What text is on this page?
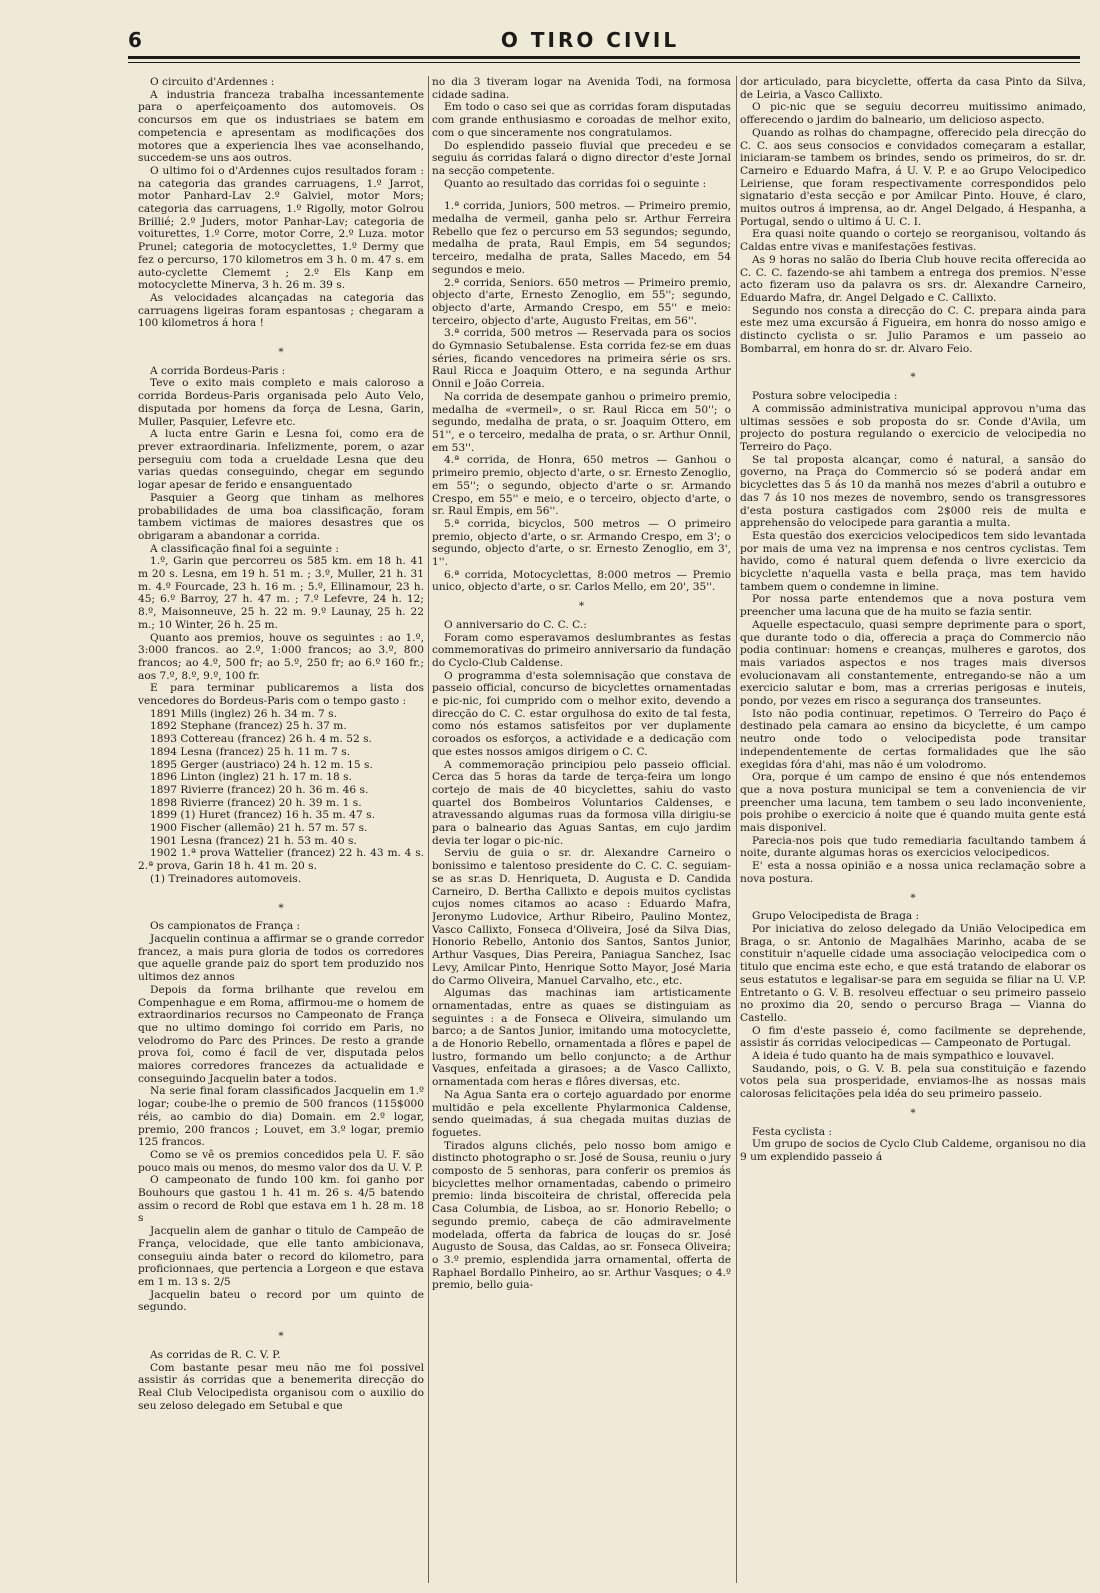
6	O TIRO CIVIL

O circuito d'Ardennes :

A industria franceza trabalha incessantemente para o aperfeiçoamento dos automoveis. Os concursos em que os industriaes se batem em competencia e apresentam as modificações dos motores que a experiencia lhes vae aconselhando, succedem-se uns aos outros.

O ultimo foi o d'Ardennes cujos resultados foram : na categoria das grandes carruagens, 1.º Jarrot, motor Panhard-Lav 2.º Galviel, motor Mors; categoria das carruagens, 1.º Rigolly, motor Golrou Brillié; 2.º Juders, motor Panhar-Lav; categoria de voiturettes, 1.º Corre, motor Corre, 2.º Luza. motor Prunel; categoria de motocyclettes, 1.º Dermy que fez o percurso, 170 kilometros em 3 h. 0 m. 47 s. em auto-cyclette Clememt ; 2.º Els Kanp em motocyclette Minerva, 3 h. 26 m. 39 s.

As velocidades alcançadas na categoria das carruagens ligeiras foram espantosas ; chegaram a 100 kilometros á hora !

*

A corrida Bordeus-Paris :

Teve o exito mais completo e mais caloroso a corrida Bordeus-Paris organisada pelo Auto Velo, disputada por homens da força de Lesna, Garin, Muller, Pasquier, Lefevre etc.

A lucta entre Garin e Lesna foi, como era de prever extraordinaria. Infelizmente, porem, o azar perseguiu com toda a crueldade Lesna que deu varias quedas conseguindo, chegar em segundo logar apesar de ferido e ensanguentado

Pasquier a Georg que tinham as melhores probabilidades de uma boa classificação, foram tambem victimas de maiores desastres que os obrigaram a abandonar a corrida.

A classificação final foi a seguinte :

1.º, Garin que percorreu os 585 km. em 18 h. 41 m 20 s. Lesna, em 19 h. 51 m. ; 3.º, Muller, 21 h. 31 m. 4.º Fourcade, 23 h. 16 m. ; 5.º, Ellinamour, 23 h. 45; 6.º Barroy, 27 h. 47 m. ; 7.º Lefevre, 24 h. 12; 8.º, Maisonneuve, 25 h. 22 m. 9.º Launay, 25 h. 22 m.; 10 Winter, 26 h. 25 m.

Quanto aos premios, houve os seguintes : ao 1.º, 3:000 francos. ao 2.º, 1:000 francos; ao 3.º, 800 francos; ao 4.º, 500 fr; ao 5.º, 250 fr; ao 6.º 160 fr.; aos 7.º, 8.º, 9.º, 100 fr.

E para terminar publicaremos a lista dos vencedores do Bordeus-Paris com o tempo gasto :

1891 Mills (inglez) 26 h. 34 m. 7 s.

1892 Stephane (francez) 25 h. 37 m.

1893 Cottereau (francez) 26 h. 4 m. 52 s.

1894 Lesna (francez) 25 h. 11 m. 7 s.

1895 Gerger (austriaco) 24 h. 12 m. 15 s.

1896 Linton (inglez) 21 h. 17 m. 18 s.

1897 Rivierre (francez) 20 h. 36 m. 46 s.

1898 Rivierre (francez) 20 h. 39 m. 1 s.

1899 (1) Huret (francez) 16 h. 35 m. 47 s.

1900 Fischer (allemão) 21 h. 57 m. 57 s.

1901 Lesna (francez) 21 h. 53 m. 40 s.

1902 1.ª prova Wattelier (francez) 22 h. 43 m. 4 s. 2.ª prova, Garin 18 h. 41 m. 20 s.

(1) Treinadores automoveis.

*

Os campionatos de França :

Jacquelin continua a affirmar se o grande corredor francez, a mais pura gloria de todos os corredores que aquelle grande paiz do sport tem produzido nos ultimos dez annos

Depois da forma brilhante que revelou em Compenhague e em Roma, affirmou-me o homem de extraordinarios recursos no Campeonato de França que no ultimo domingo foi corrido em Paris, no velodromo do Parc des Princes. De resto a grande prova foi, como é facil de ver, disputada pelos maiores corredores francezes da actualidade e conseguindo Jacquelin bater a todos.

Na serie final foram classificados Jacquelin em 1.º logar; coube-lhe o premio de 500 francos (115$000 réis, ao cambio do dia) Domain. em 2.º logar, premio, 200 francos ; Louvet, em 3.º logar, premio 125 francos.

Como se vê os premios concedidos pela U. F. são pouco mais ou menos, do mesmo valor dos da U. V. P.

O campeonato de fundo 100 km. foi ganho por Bouhours que gastou 1 h. 41 m. 26 s. 4/5 batendo assim o record de Robl que estava em 1 h. 28 m. 18 s

Jacquelin alem de ganhar o titulo de Campeão de França, velocidade, que elle tanto ambicionava, conseguiu ainda bater o record do kilometro, para proficionnaes, que pertencia a Lorgeon e que estava em 1 m. 13 s. 2/5

Jacquelin bateu o record por um quinto de segundo.

*

As corridas de R. C. V. P.

Com bastante pesar meu não me foi possivel assistir ás corridas que a benemerita direcção do Real Club Velocipedista organisou com o auxilio do seu zeloso delegado em Setubal e que

no dia 3 tiveram logar na Avenida Todi, na formosa cidade sadina.

Em todo o caso sei que as corridas foram disputadas com grande enthusiasmo e coroadas de melhor exito, com o que sinceramente nos congratulamos.

Do esplendido passeio fluvial que precedeu e se seguiu ás corridas falará o digno director d'este Jornal na secção competente.

Quanto ao resultado das corridas foi o seguinte :

1.ª corrida, Juniors, 500 metros. — Primeiro premio, medalha de vermeil, ganha pelo sr. Arthur Ferreira Rebello que fez o percurso em 53 segundos; segundo, medalha de prata, Raul Empis, em 54 segundos; terceiro, medalha de prata, Salles Macedo, em 54 segundos e meio.

2.ª corrida, Seniors. 650 metros — Primeiro premio, objecto d'arte, Ernesto Zenoglio, em 55''; segundo, objecto d'arte, Armando Crespo, em 55'' e meio: terceiro, objecto d'arte, Augusto Freitas, em 56''.

3.ª corrida, 500 metros — Reservada para os socios do Gymnasio Setubalense. Esta corrida fez-se em duas séries, ficando vencedores na primeira série os srs. Raul Ricca e Joaquim Ottero, e na segunda Arthur Onnil e João Correia.

Na corrida de desempate ganhou o primeiro premio, medalha de «vermeil», o sr. Raul Ricca em 50''; o segundo, medalha de prata, o sr. Joaquim Ottero, em 51'', e o terceiro, medalha de prata, o sr. Arthur Onnil, em 53''.

4.ª corrida, de Honra, 650 metros — Ganhou o primeiro premio, objecto d'arte, o sr. Ernesto Zenoglio, em 55''; o segundo, objecto d'arte o sr. Armando Crespo, em 55'' e meio, e o terceiro, objecto d'arte, o sr. Raul Empis, em 56''.

5.ª corrida, bicyclos, 500 metros — O primeiro premio, objecto d'arte, o sr. Armando Crespo, em 3'; o segundo, objecto d'arte, o sr. Ernesto Zenoglio, em 3', 1''.

6.ª corrida, Motocyclettas, 8:000 metros — Premio unico, objecto d'arte, o sr. Carlos Mello, em 20', 35''.

*

O anniversario do C. C. C.:

Foram como esperavamos deslumbrantes as festas commemorativas do primeiro anniversario da fundação do Cyclo-Club Caldense.

O programma d'esta solemnisação que constava de passeio official, concurso de bicyclettes ornamentadas e pic-nic, foi cumprido com o melhor exito, devendo a direcção do C. C. estar orgulhosa do exito de tal festa, como nós estamos satisfeitos por ver duplamente coroados os esforços, a actividade e a dedicação com que estes nossos amigos dirigem o C. C.

A commemoração principiou pelo passeio official. Cerca das 5 horas da tarde de terça-feira um longo cortejo de mais de 40 bicyclettes, sahiu do vasto quartel dos Bombeiros Voluntarios Caldenses, e atravessando algumas ruas da formosa villa dirigiu-se para o balneario das Aguas Santas, em cujo jardim devia ter logar o pic-nic.

Serviu de guia o sr. dr. Alexandre Carneiro o bonissimo e talentoso presidente do C. C. C. seguiam-se as sr.as D. Henriqueta, D. Augusta e D. Candida Carneiro, D. Bertha Callixto e depois muitos cyclistas cujos nomes citamos ao acaso : Eduardo Mafra, Jeronymo Ludovice, Arthur Ribeiro, Paulino Montez, Vasco Callixto, Fonseca d'Oliveira, José da Silva Dias, Honorio Rebello, Antonio dos Santos, Santos Junior, Arthur Vasques, Dias Pereira, Paniagua Sanchez, Isac Levy, Amilcar Pinto, Henrique Sotto Mayor, José Maria do Carmo Oliveira, Manuel Carvalho, etc., etc.

Algumas das machinas iam artisticamente ornamentadas, entre as quaes se distinguiam as seguintes : a de Fonseca e Oliveira, simulando um barco; a de Santos Junior, imitando uma motocyclette, a de Honorio Rebello, ornamentada a flôres e papel de lustro, formando um bello conjuncto; a de Arthur Vasques, enfeitada a girasoes; a de Vasco Callixto, ornamentada com heras e flôres diversas, etc.

Na Agua Santa era o cortejo aguardado por enorme multidão e pela excellente Phylarmonica Caldense, sendo queimadas, á sua chegada muitas duzias de foguetes.

Tirados alguns clichés, pelo nosso bom amigo e distincto photographo o sr. José de Sousa, reuniu o jury composto de 5 senhoras, para conferir os premios ás bicyclettes melhor ornamentadas, cabendo o primeiro premio: linda biscoiteira de christal, offerecida pela Casa Columbia, de Lisboa, ao sr. Honorio Rebello; o segundo premio, cabeça de cão admiravelmente modelada, offerta da fabrica de louças do sr. José Augusto de Sousa, das Caldas, ao sr. Fonseca Oliveira; o 3.º premio, esplendida jarra ornamental, offerta de Raphael Bordallo Pinheiro, ao sr. Arthur Vasques; o 4.º premio, bello guia-

dor articulado, para bicyclette, offerta da casa Pinto da Silva, de Leiria, a Vasco Callixto.

O pic-nic que se seguiu decorreu muitissimo animado, offerecendo o jardim do balneario, um delicioso aspecto.

Quando as rolhas do champagne, offerecido pela direcção do C. C. aos seus consocios e convidados começaram a estallar, iniciaram-se tambem os brindes, sendo os primeiros, do sr. dr. Carneiro e Eduardo Mafra, á U. V. P. e ao Grupo Velocipedico Leiriense, que foram respectivamente correspondidos pelo signatario d'esta secção e por Amilcar Pinto. Houve, é claro, muitos outros á imprensa, ao dr. Angel Delgado, á Hespanha, a Portugal, sendo o ultimo á U. C. I.

Era quasi noite quando o cortejo se reorganisou, voltando ás Caldas entre vivas e manifestações festivas.

As 9 horas no salão do Iberia Club houve recita offerecida ao C. C. C. fazendo-se ahi tambem a entrega dos premios. N'esse acto fizeram uso da palavra os srs. dr. Alexandre Carneiro, Eduardo Mafra, dr. Angel Delgado e C. Callixto.

Segundo nos consta a direcção do C. C. prepara ainda para este mez uma excursão á Figueira, em honra do nosso amigo e distincto cyclista o sr. Julio Paramos e um passeio ao Bombarral, em honra do sr. dr. Alvaro Feio.

*

Postura sobre velocipedia :

A commissão administrativa municipal approvou n'uma das ultimas sessões e sob proposta do sr. Conde d'Avila, um projecto do postura regulando o exercicio de velocipedia no Terreiro do Paço.

Se tal proposta alcançar, como é natural, a sansão do governo, na Praça do Commercio só se poderá andar em bicyclettes das 5 ás 10 da manhã nos mezes d'abril a outubro e das 7 ás 10 nos mezes de novembro, sendo os transgressores d'esta postura castigados com 2$000 reis de multa e apprehensão do velocipede para garantia a multa.

Esta questão dos exercicios velocipedicos tem sido levantada por mais de uma vez na imprensa e nos centros cyclistas. Tem havido, como é natural quem defenda o livre exercicio da bicyclette n'aquella vasta e bella praça, mas tem havido tambem quem o condemne in limine.

Por nossa parte entendemos que a nova postura vem preencher uma lacuna que de ha muito se fazia sentir.

Aquelle espectaculo, quasi sempre deprimente para o sport, que durante todo o dia, offerecia a praça do Commercio não podia continuar: homens e creanças, mulheres e garotos, dos mais variados aspectos e nos trages mais diversos evolucionavam ali constantemente, entregando-se não a um exercicio salutar e bom, mas a crrerias perigosas e inuteis, pondo, por vezes em risco a segurança dos transeuntes.

Isto não podia continuar, repetimos. O Terreiro do Paço é destinado pela camara ao ensino da bicyclette, é um campo neutro onde todo o velocipedista pode transitar independentemente de certas formalidades que lhe são exegidas fóra d'ahi, mas não é um volodromo.

Ora, porque é um campo de ensino é que nós entendemos que a nova postura municipal se tem a conveniencia de vir preencher uma lacuna, tem tambem o seu lado inconveniente, pois prohibe o exercicio á noite que é quando muita gente está mais disponivel.

Parecia-nos pois que tudo remediaria facultando tambem á noite, durante algumas horas os exercicios velocipedicos.

E' esta a nossa opinião e a nossa unica reclamação sobre a nova postura.

*

Grupo Velocipedista de Braga :

Por iniciativa do zeloso delegado da União Velocipedica em Braga, o sr. Antonio de Magalhães Marinho, acaba de se constituir n'aquelle cidade uma associação velocipedica com o titulo que encima este echo, e que está tratando de elaborar os seus estatutos e legalisar-se para em seguida se filiar na U. V.P. Entretanto o G. V. B. resolveu effectuar o seu primeiro passeio no proximo dia 20, sendo o percurso Braga — Vianna do Castello.

O fim d'este passeio é, como facilmente se deprehende, assistir ás corridas velocipedicas — Campeonato de Portugal.

A ideia é tudo quanto ha de mais sympathico e louvavel.

Saudando, pois, o G. V. B. pela sua constituição e fazendo votos pela sua prosperidade, enviamos-lhe as nossas mais calorosas felicitações pela idéa do seu primeiro passeio.

*

Festa cyclista :

Um grupo de socios de Cyclo Club Caldeme, organisou no dia 9 um explendido passeio á
